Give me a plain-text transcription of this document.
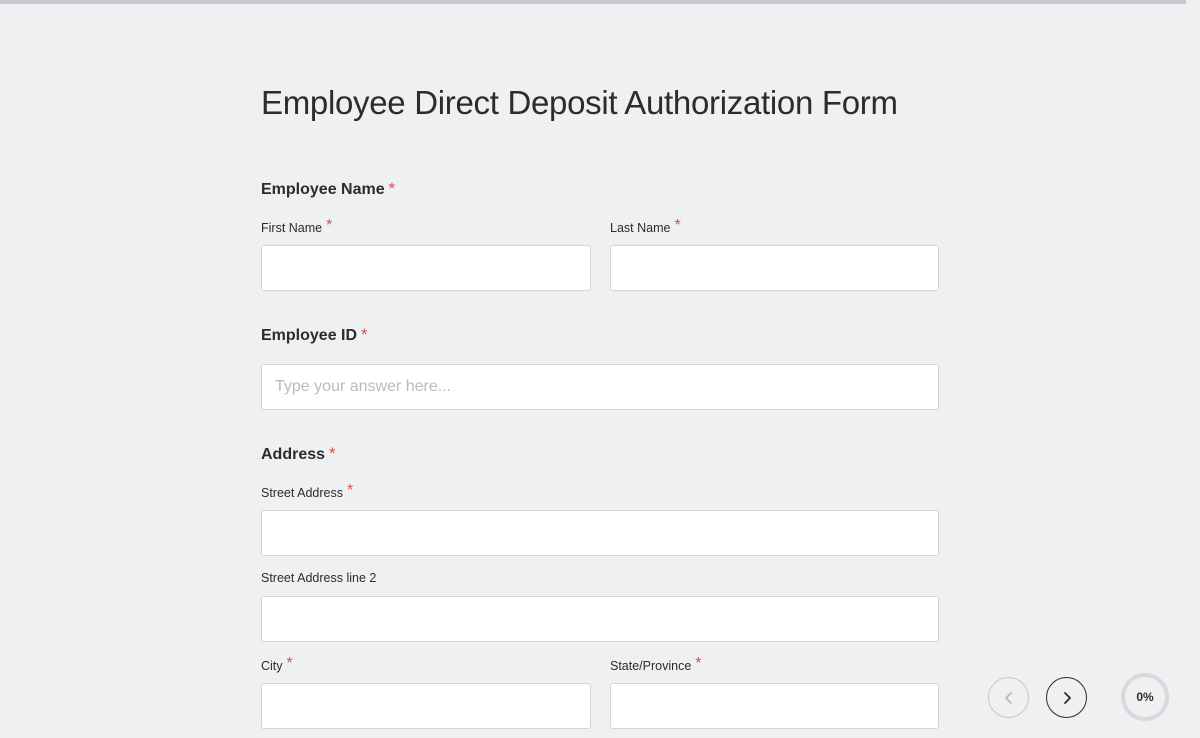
Employee Direct Deposit Authorization Form
Employee Name *
First Name *	Last Name *
Employee ID *
Type your answer here...
Address *
Street Address *
Street Address line 2
City *	State/Province *
0%
